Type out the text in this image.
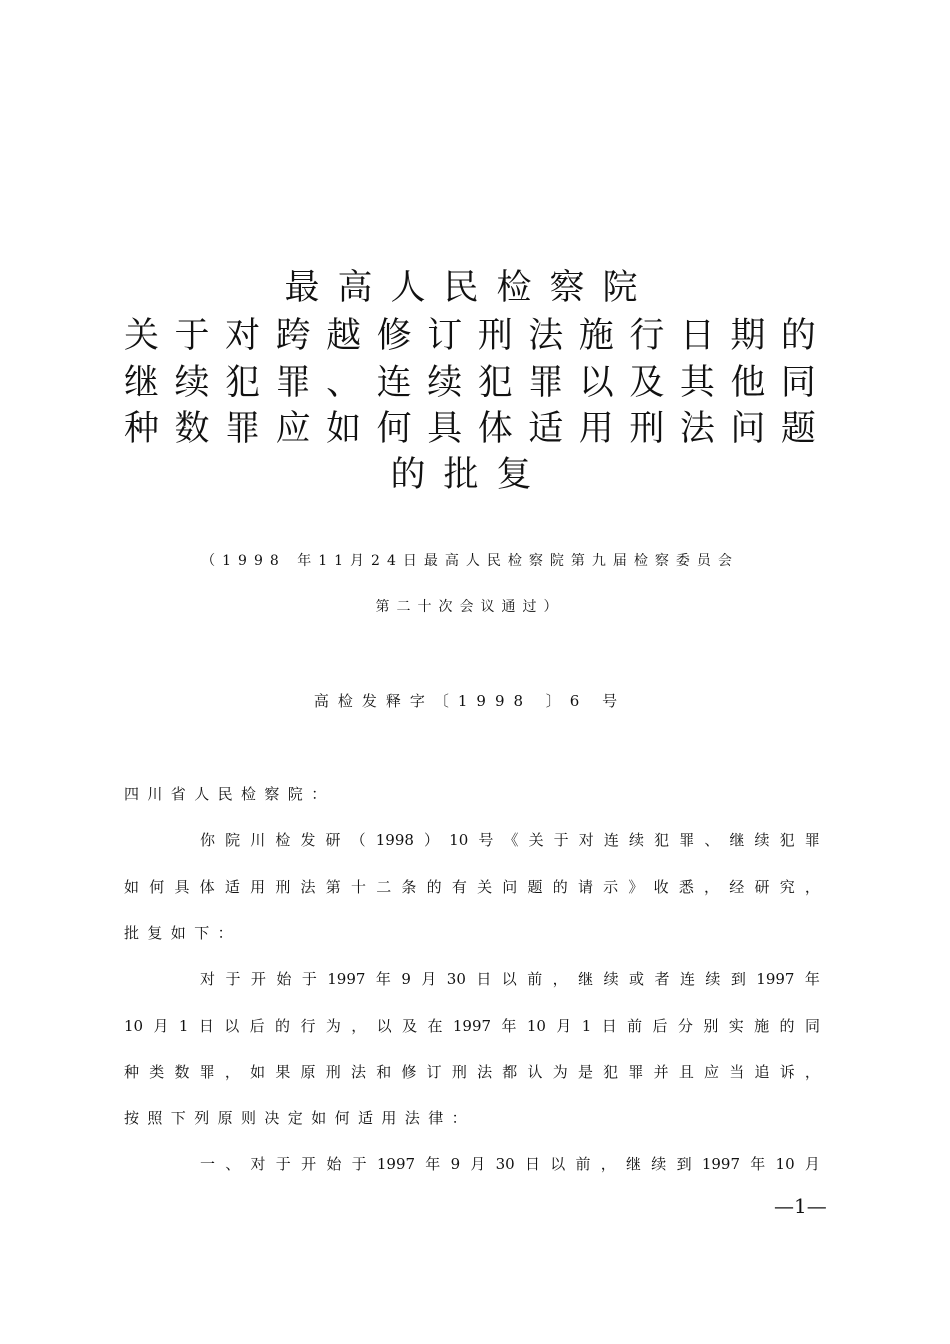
最高人民检察院
关 于 对 跨 越 修 订 刑 法 施 行 日 期 的
继 续 犯 罪 、 连 续 犯 罪 以 及 其 他 同
种 数 罪 应 如 何 具 体 适 用 刑 法 问 题
的批复
（1998 年11月24日最高人民检察院第九届检察委员会
第二十次会议通过）
高检发释字〔1998 〕6 号
四川省人民检察院：
你 院 川 检 发 研 （ 1998 ） 10 号 《 关 于 对 连 续 犯 罪 、 继 续 犯 罪
如 何 具 体 适 用 刑 法 第 十 二 条 的 有 关 问 题 的 请 示 》 收 悉 ， 经 研 究 ，
批复如下：
对 于 开 始 于 1997 年 9 月 30 日 以 前 ， 继 续 或 者 连 续 到 1997 年
10 月 1 日 以 后 的 行 为 ， 以 及 在 1997 年 10 月 1 日 前 后 分 别 实 施 的 同
种 类 数 罪 ， 如 果 原 刑 法 和 修 订 刑 法 都 认 为 是 犯 罪 并 且 应 当 追 诉 ，
按照下列原则决定如何适用法律：
一 、 对 于 开 始 于 1997 年 9 月 30 日 以 前 ， 继 续 到 1997 年 10 月
—1—
